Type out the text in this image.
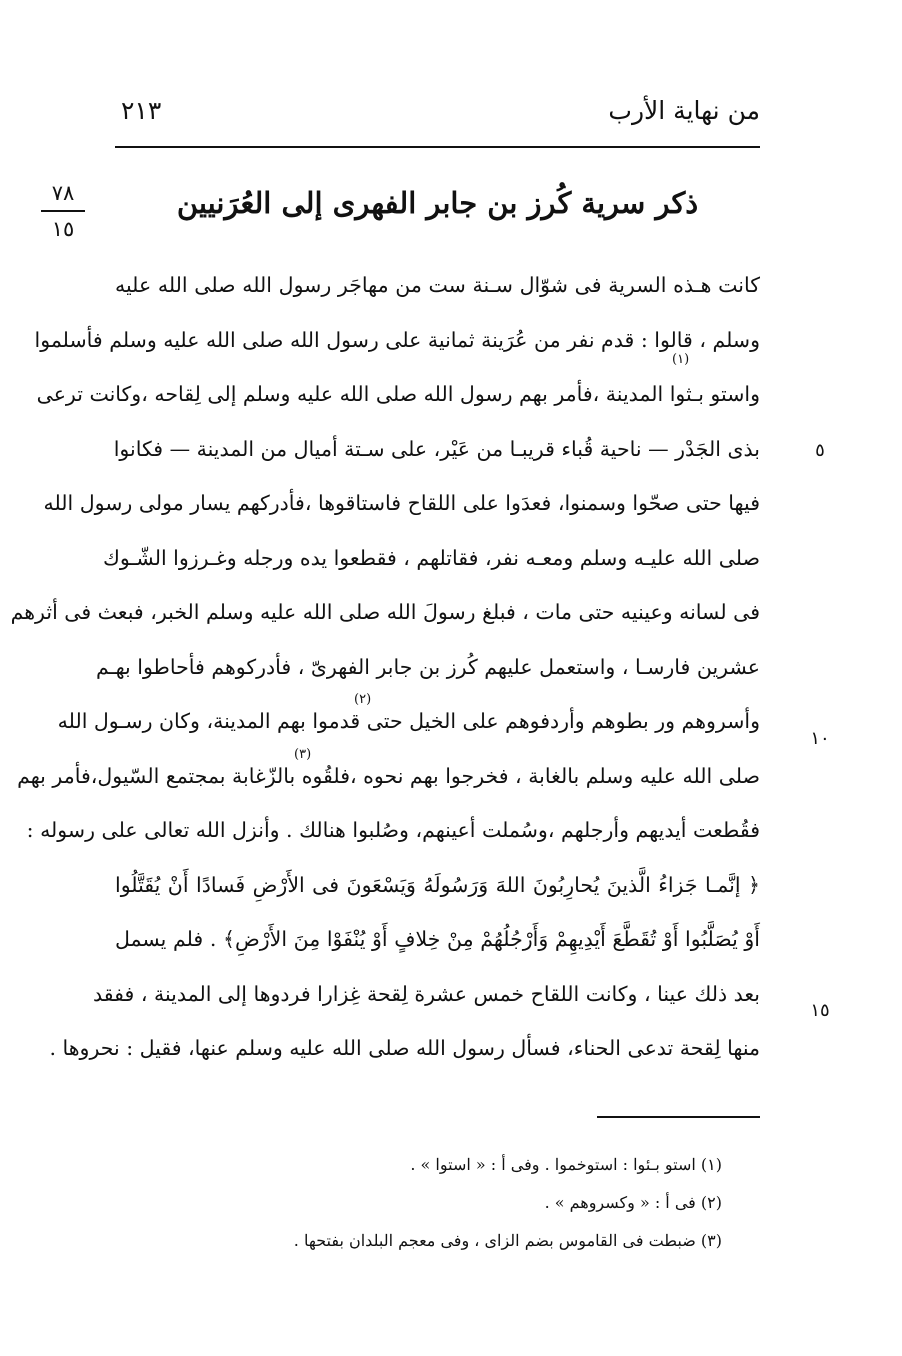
من نهاية الأرب
٢١٣
٧٨
١٥
ذكر سرية كُرز بن جابر الفهرى إلى العُرَنيين
كانت هـذه السرية فى شوّال سـنة ست من مهاجَر رسول الله صلى الله عليه
وسلم ، قالوا : قدم نفر من عُرَينة ثمانية على رسول الله صلى الله عليه وسلم فأسلموا
واستو بـثوا المدينة ،فأمر بهم رسول الله صلى الله عليه وسلم إلى لِقاحه ،وكانت ترعى
بذى الجَدْر — ناحية قُباء قريبـا من عَيْر، على سـتة أميال من المدينة — فكانوا
فيها حتى صحّوا وسمنوا، فعدَوا على اللقاح فاستاقوها ،فأدركهم يسار مولى رسول الله
صلى الله عليـه وسلم ومعـه نفر، فقاتلهم ، فقطعوا يده ورجله وغـرزوا الشّـوك
فى لسانه وعينيه حتى مات ، فبلغ رسولَ الله صلى الله عليه وسلم الخبر، فبعث فى أثرهم
عشرين فارسـا ، واستعمل عليهم كُرز بن جابر الفهرىّ ، فأدركوهم فأحاطوا بهـم
وأسروهم ور بطوهم وأردفوهم على الخيل حتى قدموا بهم المدينة، وكان رسـول الله
صلى الله عليه وسلم بالغابة ، فخرجوا بهم نحوه ،فلقُوه بالزّغابة بمجتمع السّيول،فأمر بهم
فقُطعت أيديهم وأرجلهم ،وسُملت أعينهم، وصُلبوا هنالك . وأنزل الله تعالى على رسوله :
﴿ إنَّمـا جَزاءُ الَّذينَ يُحارِبُونَ اللهَ وَرَسُولَهُ وَيَسْعَونَ فى الأَرْضِ فَسادًا أَنْ يُقَتَّلُوا
أَوْ يُصَلَّبُوا أَوْ تُقَطَّعَ أَيْدِيهِمْ وَأَرْجُلُهُمْ مِنْ خِلافٍ أَوْ يُنْفَوْا مِنَ الأَرْضِ﴾ . فلم يسمل
بعد ذلك عينا ، وكانت اللقاح خمس عشرة لِقحة غِزارا فردوها إلى المدينة ، ففقد
منها لِقحة تدعى الحناء، فسأل رسول الله صلى الله عليه وسلم عنها، فقيل : نحروها .
(١)
(٢)
(٣)
٥
١٠
١٥
(١) استو بـئوا : استوخموا . وفى أ : « استوا » .
(٢) فى أ : « وكسروهم » .
(٣) ضبطت فى القاموس بضم الزاى ، وفى معجم البلدان بفتحها .
